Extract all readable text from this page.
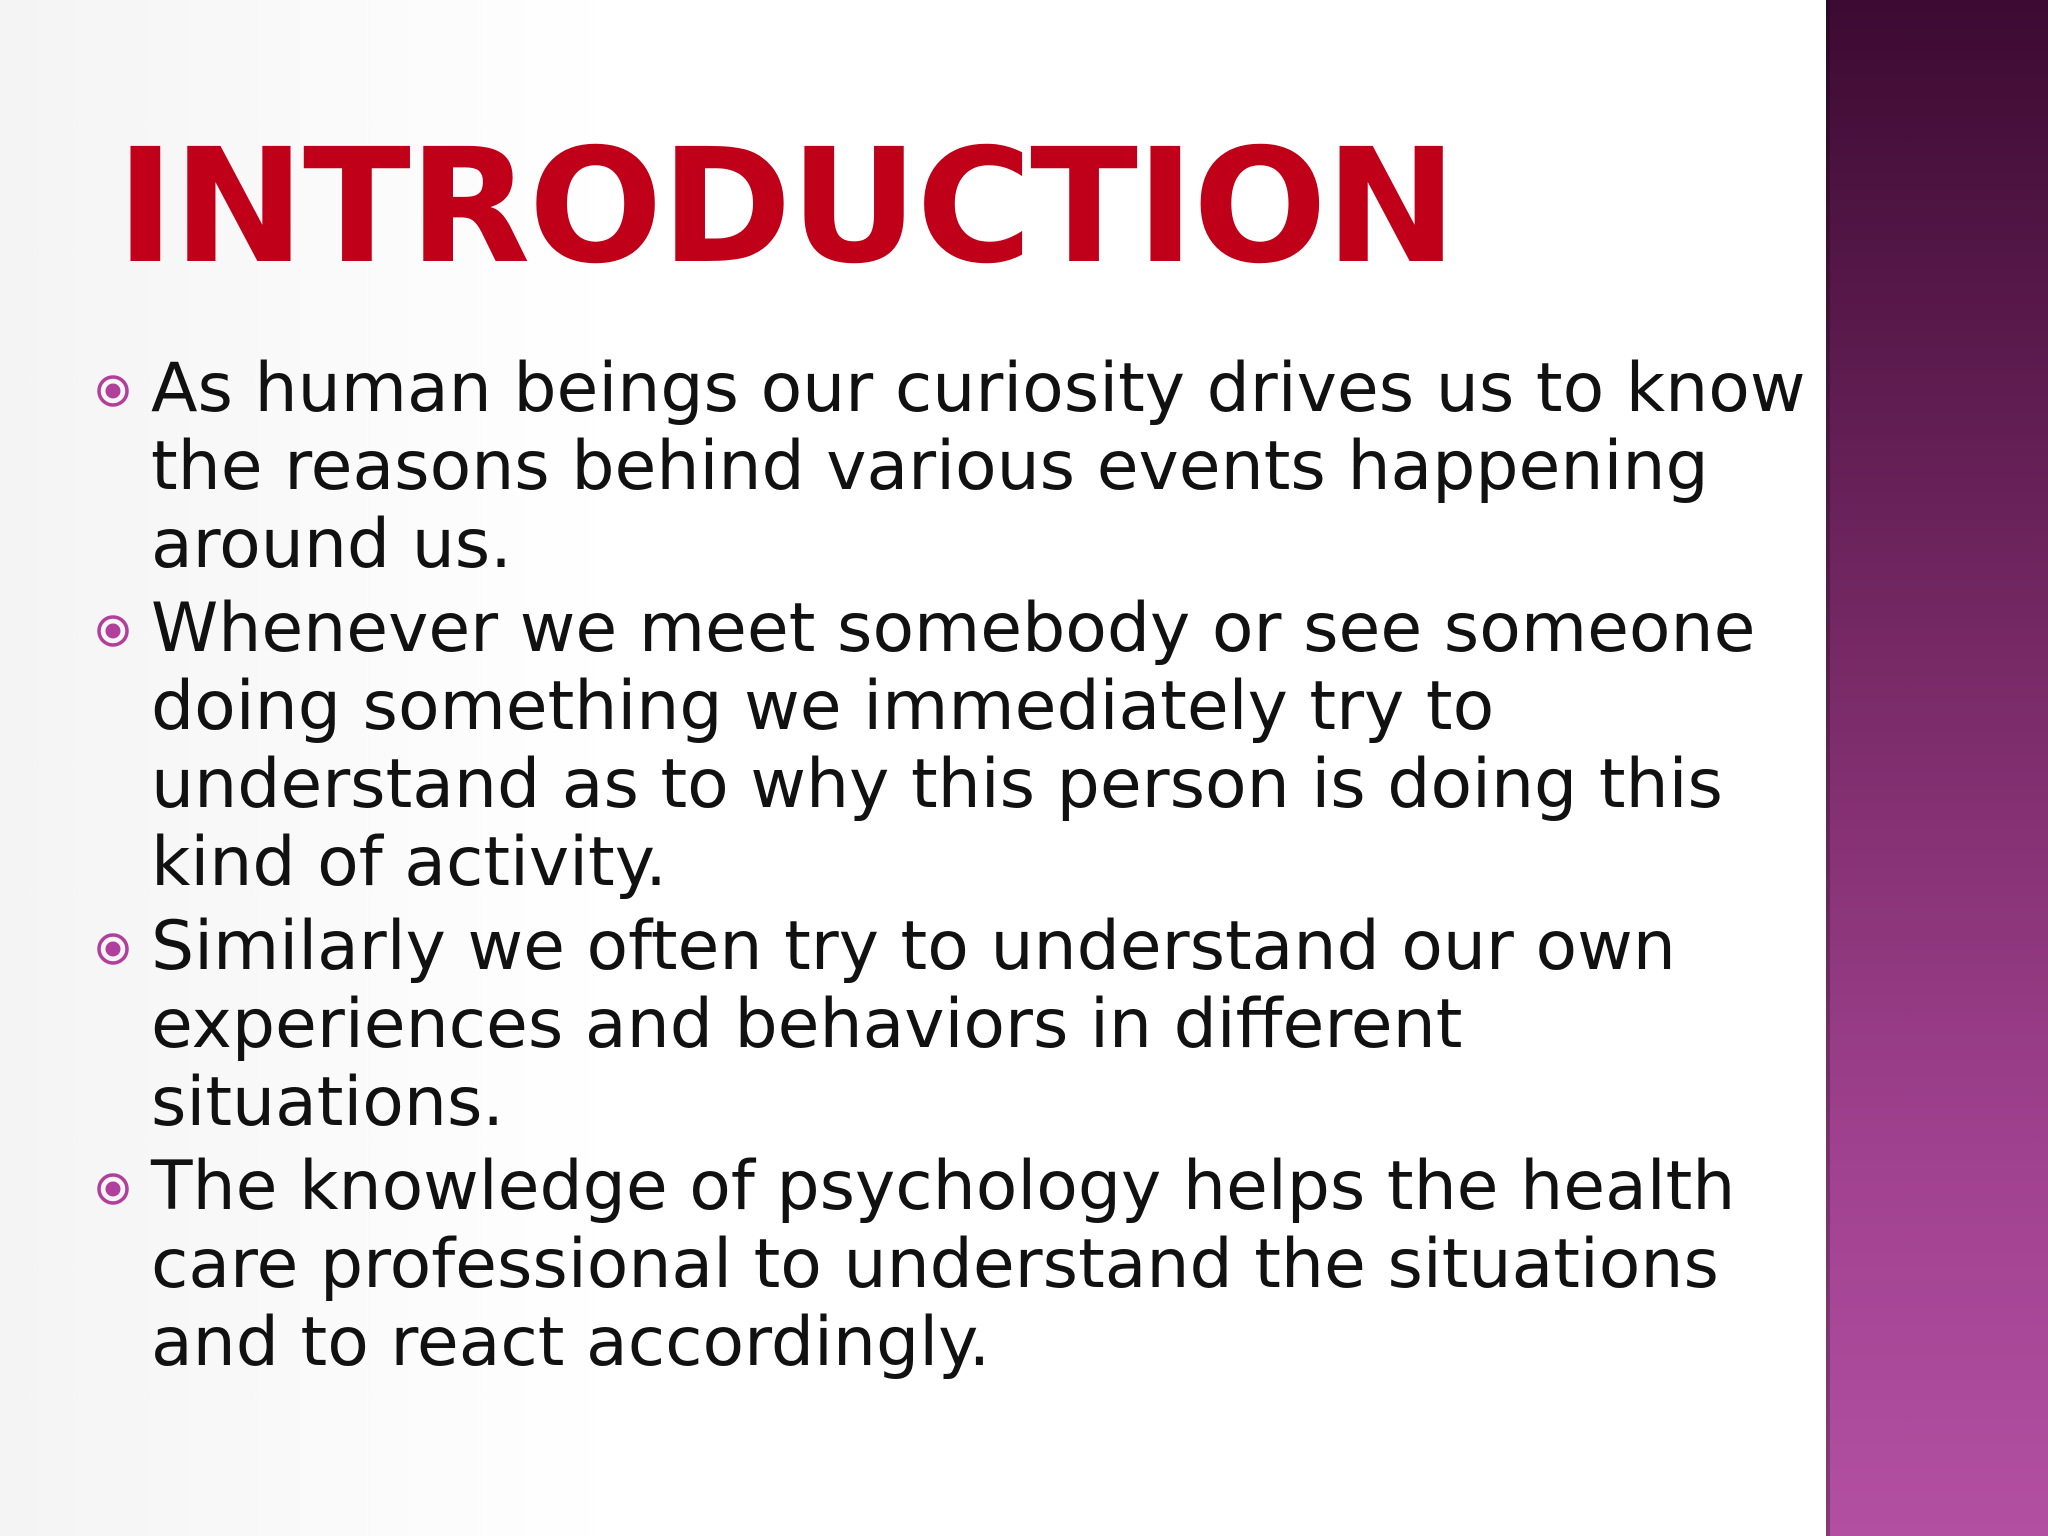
INTRODUCTION
As human beings our curiosity drives us to know the reasons behind various events happening around us.
Whenever we meet somebody or see someone doing something we immediately try to understand as to why this person is doing this kind of activity.
Similarly we often try to understand our own experiences and behaviors in different situations.
The knowledge of psychology helps the health care professional to understand the situations and to react accordingly.
